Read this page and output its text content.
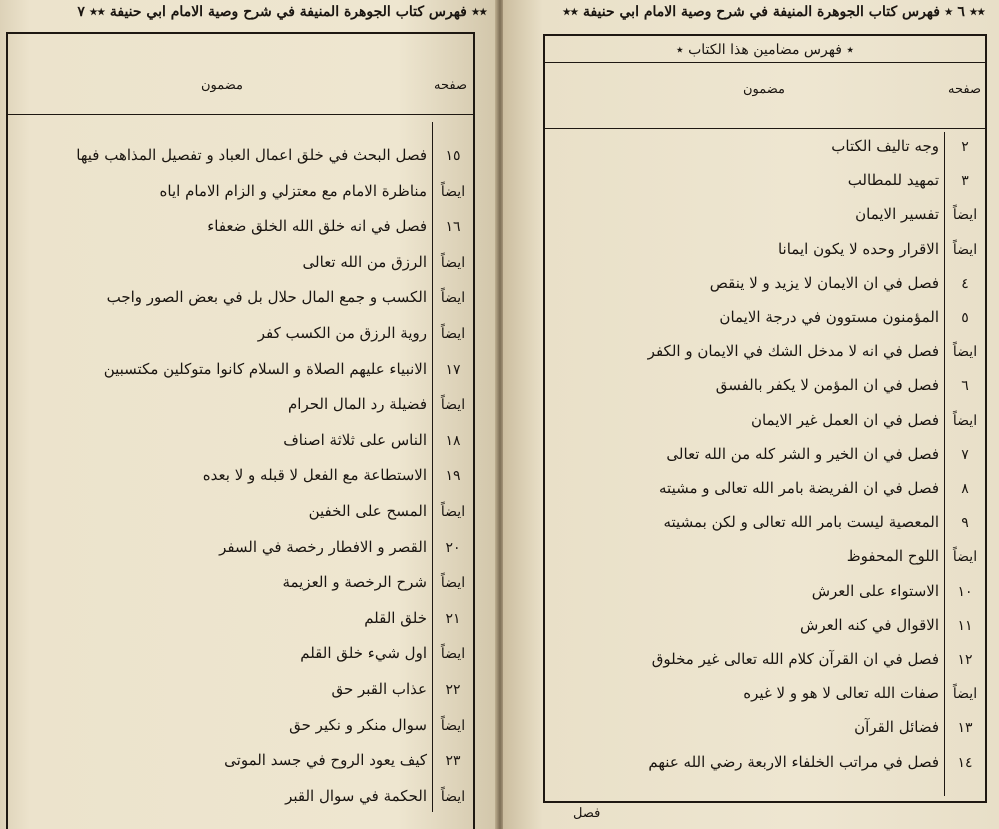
٭٭ فهرس كتاب الجوهرة المنيفة في شرح وصية الامام ابي حنيفة ٭٭ ٧
صفحه
مضمون
١٥
فصل البحث في خلق اعمال العباد و تفصيل المذاهب فيها
ايضاً
مناظرة الامام مع معتزلي و الزام الامام اياه
١٦
فصل في انه خلق الله الخلق ضعفاء
ايضاً
الرزق من الله تعالى
ايضاً
الكسب و جمع المال حلال بل في بعض الصور واجب
ايضاً
روية الرزق من الكسب كفر
١٧
الانبياء عليهم الصلاة و السلام كانوا متوكلين مكتسبين
ايضاً
فضيلة رد المال الحرام
١٨
الناس على ثلاثة اصناف
١٩
الاستطاعة مع الفعل لا قبله و لا بعده
ايضاً
المسح على الخفين
٢٠
القصر و الافطار رخصة في السفر
ايضاً
شرح الرخصة و العزيمة
٢١
خلق القلم
ايضاً
اول شيء خلق القلم
٢٢
عذاب القبر حق
ايضاً
سوال منكر و نكير حق
٢٣
كيف يعود الروح في جسد الموتى
ايضاً
الحكمة في سوال القبر
٭٭ ٦ ٭ فهرس كتاب الجوهرة المنيفة في شرح وصية الامام ابي حنيفة ٭٭
٭ فهرس مضامين هذا الكتاب ٭
صفحه
مضمون
٢
وجه تاليف الكتاب
٣
تمهيد للمطالب
ايضاً
تفسير الايمان
ايضاً
الاقرار وحده لا يكون ايمانا
٤
فصل في ان الايمان لا يزيد و لا ينقص
٥
المؤمنون مستوون في درجة الايمان
ايضاً
فصل في انه لا مدخل الشك في الايمان و الكفر
٦
فصل في ان المؤمن لا يكفر بالفسق
ايضاً
فصل في ان العمل غير الايمان
٧
فصل في ان الخير و الشر كله من الله تعالى
٨
فصل في ان الفريضة بامر الله تعالى و مشيته
٩
المعصية ليست بامر الله تعالى و لكن بمشيته
ايضاً
اللوح المحفوظ
١٠
الاستواء على العرش
١١
الاقوال في كنه العرش
١٢
فصل في ان القرآن كلام الله تعالى غير مخلوق
ايضاً
صفات الله تعالى لا هو و لا غيره
١٣
فضائل القرآن
١٤
فصل في مراتب الخلفاء الاربعة رضي الله عنهم
فصل
